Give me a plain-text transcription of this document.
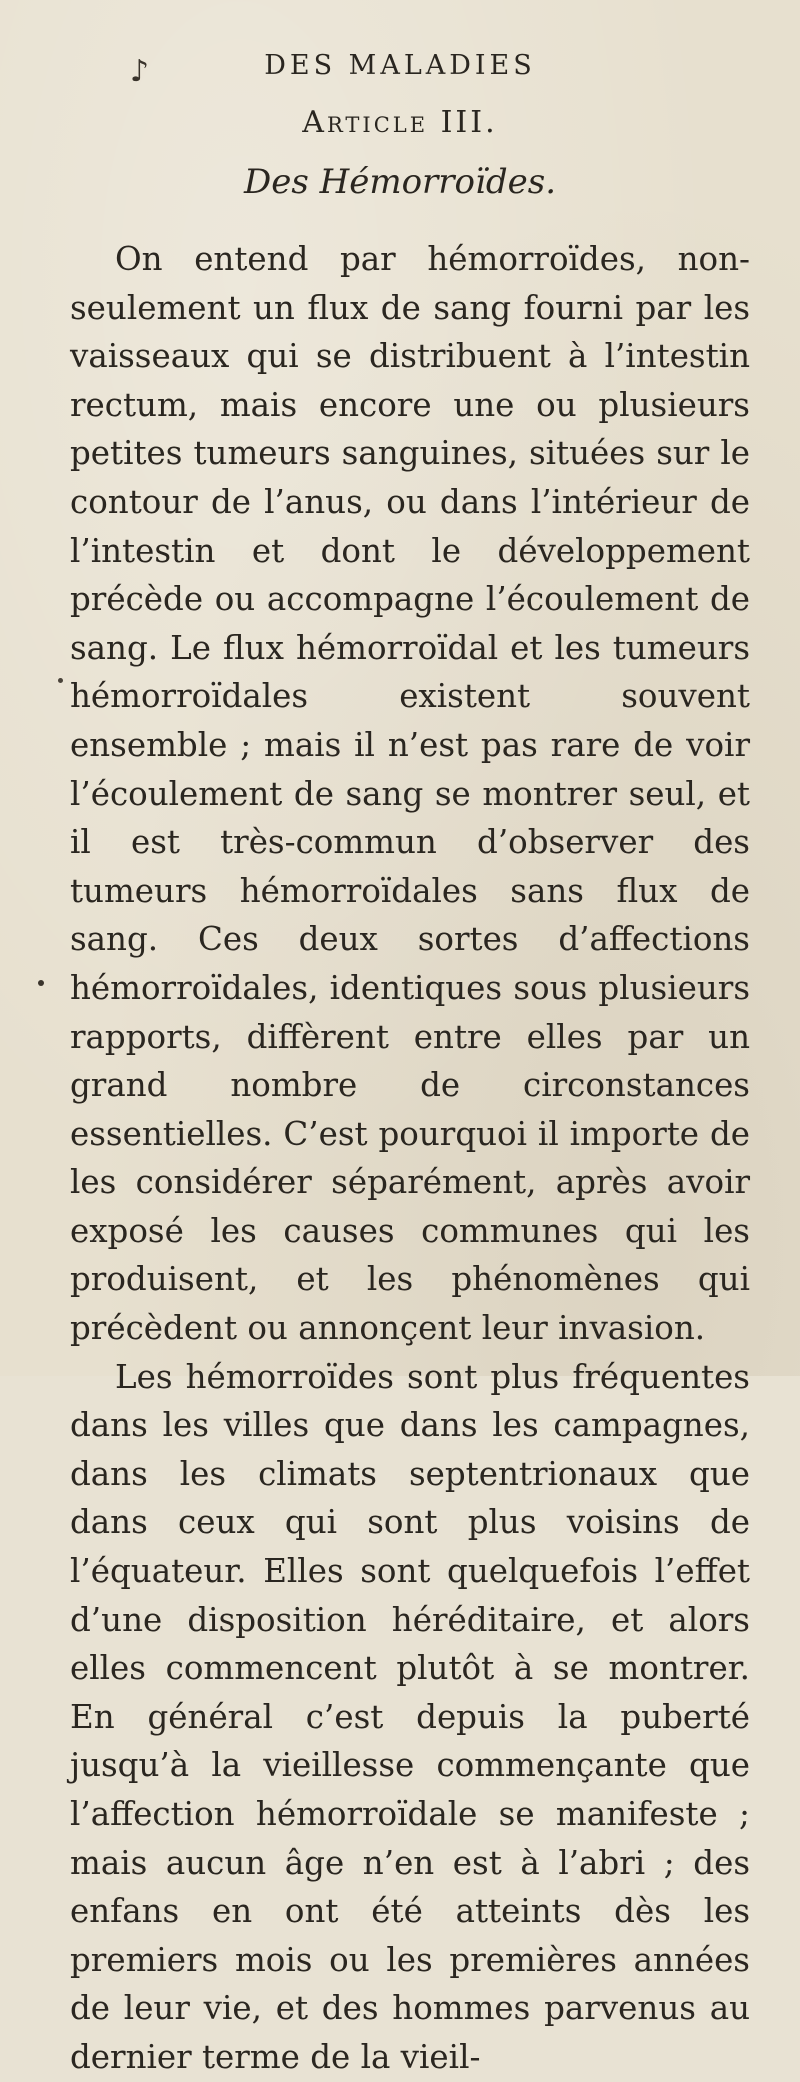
♪	DES MALADIES
Article III.
Des Hémorroïdes.

On entend par hémorroïdes, non-seulement un flux de sang fourni par les vaisseaux qui se distribuent à l’intestin rectum, mais encore une ou plusieurs petites tumeurs sanguines, situées sur le contour de l’anus, ou dans l’intérieur de l’intestin et dont le développement précède ou accompagne l’écoulement de sang. Le flux hémorroïdal et les tumeurs hémorroïdales existent souvent ensemble ; mais il n’est pas rare de voir l’écoulement de sang se montrer seul, et il est très-commun d’observer des tumeurs hémorroïdales sans flux de sang. Ces deux sortes d’affections hémorroïdales, identiques sous plusieurs rapports, diffèrent entre elles par un grand nombre de circonstances essentielles. C’est pourquoi il importe de les considérer séparément, après avoir exposé les causes communes qui les produisent, et les phénomènes qui précèdent ou annonçent leur invasion.

Les hémorroïdes sont plus fréquentes dans les villes que dans les campagnes, dans les climats septentrionaux que dans ceux qui sont plus voisins de l’équateur. Elles sont quelquefois l’effet d’une disposition héréditaire, et alors elles commencent plutôt à se montrer. En général c’est depuis la puberté jusqu’à la vieillesse commençante que l’affection hémorroïdale se manifeste ; mais aucun âge n’en est à l’abri ; des enfans en ont été atteints dès les premiers mois ou les premières années de leur vie, et des hommes parvenus au dernier terme de la vieil-
